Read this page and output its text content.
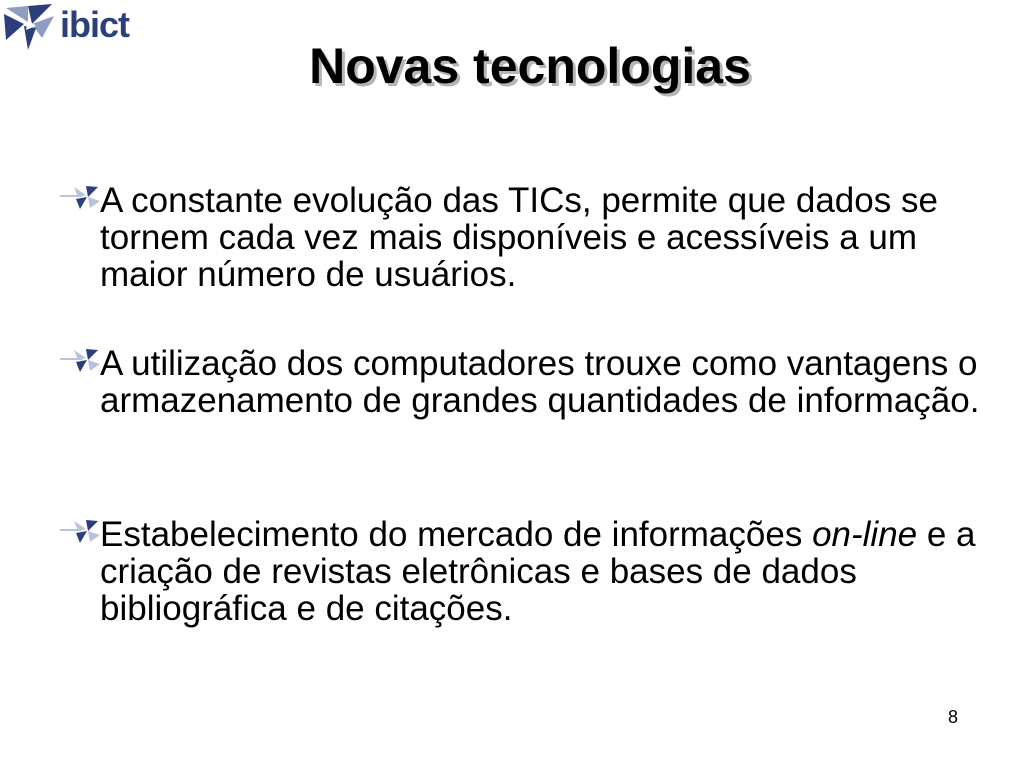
ibict
Novas tecnologias
A constante evolução das TICs, permite que dados se tornem cada vez mais disponíveis e acessíveis a um maior número de usuários.
A utilização dos computadores trouxe como vantagens o armazenamento de grandes quantidades de informação.
Estabelecimento do mercado de informações on-line e a criação de revistas eletrônicas e bases de dados bibliográfica e de citações.
8
